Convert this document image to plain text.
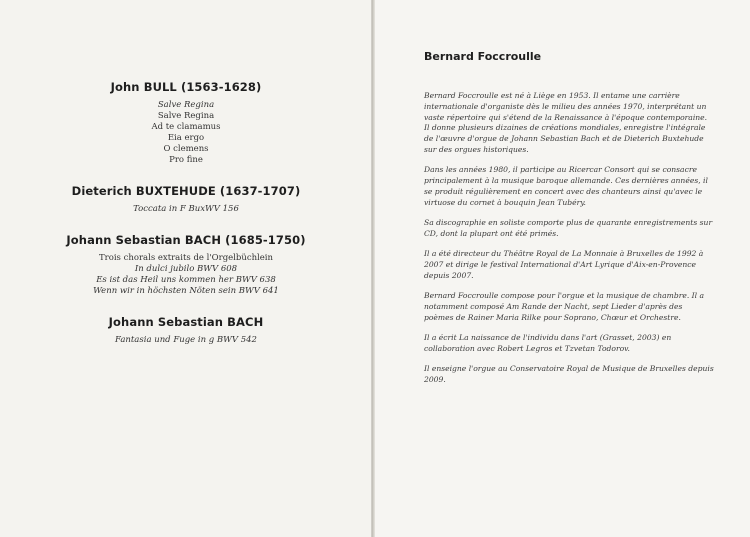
John BULL (1563-1628)

Salve Regina

Salve Regina

Ad te clamamus

Eia ergo

O clemens

Pro fine

Dieterich BUXTEHUDE (1637-1707)

Toccata in F BuxWV 156

Johann Sebastian BACH (1685-1750)

Trois chorals extraits de l'Orgelbüchlein

In dulci jubilo BWV 608

Es ist das Heil uns kommen her BWV 638

Wenn wir in höchsten Nöten sein BWV 641

Johann Sebastian BACH

Fantasia und Fuge in g BWV 542

Bernard Foccroulle

Bernard Foccroulle est né à Liège en 1953. Il entame une carrière internationale d'organiste dès le milieu des années 1970, interprétant un vaste répertoire qui s'étend de la Renaissance à l'époque contemporaine. Il donne plusieurs dizaines de créations mondiales, enregistre l'intégrale de l'œuvre d'orgue de Johann Sebastian Bach et de Dieterich Buxtehude sur des orgues historiques.

Dans les années 1980, il participe au Ricercar Consort qui se consacre principalement à la musique baroque allemande. Ces dernières années, il se produit régulièrement en concert avec des chanteurs ainsi qu'avec le virtuose du cornet à bouquin Jean Tubéry.

Sa discographie en soliste comporte plus de quarante enregistrements sur CD, dont la plupart ont été primés.

Il a été directeur du Théâtre Royal de La Monnaie à Bruxelles de 1992 à 2007 et dirige le festival International d'Art Lyrique d'Aix-en-Provence depuis 2007.

Bernard Foccroulle compose pour l'orgue et la musique de chambre. Il a notamment composé Am Rande der Nacht, sept Lieder d'après des poèmes de Rainer Maria Rilke pour Soprano, Chœur et Orchestre.

Il a écrit La naissance de l'individu dans l'art (Grasset, 2003) en collaboration avec Robert Legros et Tzvetan Todorov.

Il enseigne l'orgue au Conservatoire Royal de Musique de Bruxelles depuis 2009.
